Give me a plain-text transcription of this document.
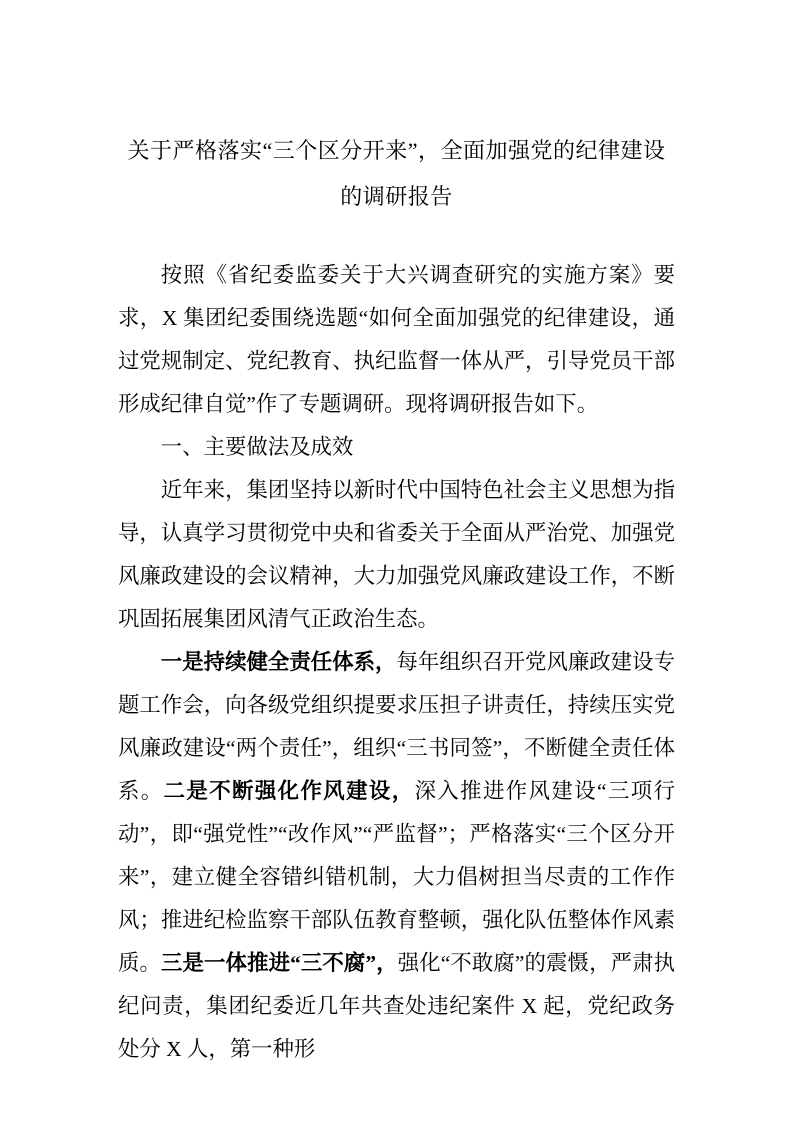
关于严格落实“三个区分开来”，全面加强党的纪律建设的调研报告

按照《省纪委监委关于大兴调查研究的实施方案》要求，X 集团纪委围绕选题“如何全面加强党的纪律建设，通过党规制定、党纪教育、执纪监督一体从严，引导党员干部形成纪律自觉”作了专题调研。现将调研报告如下。

一、主要做法及成效

近年来，集团坚持以新时代中国特色社会主义思想为指导，认真学习贯彻党中央和省委关于全面从严治党、加强党风廉政建设的会议精神，大力加强党风廉政建设工作，不断巩固拓展集团风清气正政治生态。

一是持续健全责任体系，每年组织召开党风廉政建设专题工作会，向各级党组织提要求压担子讲责任，持续压实党风廉政建设“两个责任”，组织“三书同签”，不断健全责任体系。二是不断强化作风建设，深入推进作风建设“三项行动”，即“强党性”“改作风”“严监督”；严格落实“三个区分开来”，建立健全容错纠错机制，大力倡树担当尽责的工作作风；推进纪检监察干部队伍教育整顿，强化队伍整体作风素质。三是一体推进“三不腐”，强化“不敢腐”的震慑，严肃执纪问责，集团纪委近几年共查处违纪案件 X 起，党纪政务处分 X 人，第一种形
